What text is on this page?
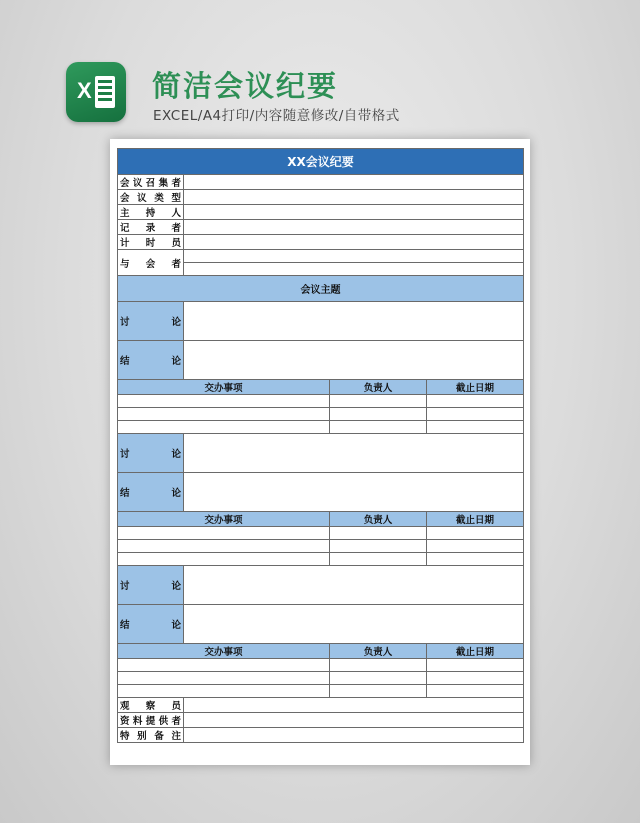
X 简洁会议纪要
EXCEL/A4打印/内容随意修改/自带格式
XX会议纪要			
会议召集者			
会议类型			
主持人			
记录者			
计时员			
与会者			

会议主题			
讨论			
结论			
交办事项		负责人	截止日期

讨论			
结论			
交办事项		负责人	截止日期

讨论			
结论			
交办事项		负责人	截止日期

观察员			
资料提供者			
特别备注			
